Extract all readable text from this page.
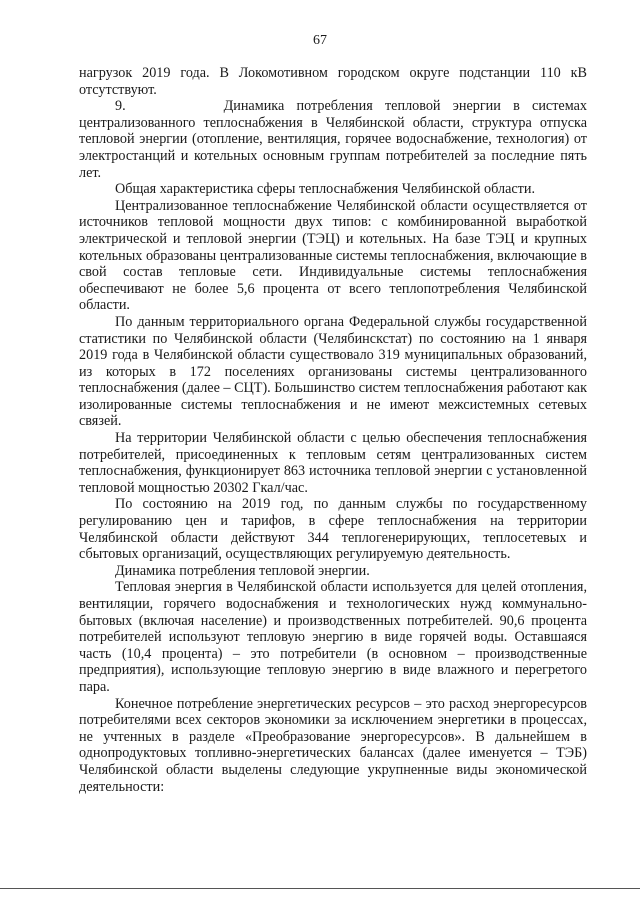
67

нагрузок 2019 года. В Локомотивном городском округе подстанции 110 кВ отсутствуют.

9.        Динамика потребления тепловой энергии в системах централизованного теплоснабжения в Челябинской области, структура отпуска тепловой энергии (отопление, вентиляция, горячее водоснабжение, технология) от электростанций и котельных основным группам потребителей за последние пять лет.

Общая характеристика сферы теплоснабжения Челябинской области.

Централизованное теплоснабжение Челябинской области осуществляется от источников тепловой мощности двух типов: с комбинированной выработкой электрической и тепловой энергии (ТЭЦ) и котельных. На базе ТЭЦ и крупных котельных образованы централизованные системы теплоснабжения, включающие в свой состав тепловые сети. Индивидуальные системы теплоснабжения обеспечивают не более 5,6 процента от всего теплопотребления Челябинской области.

По данным территориального органа Федеральной службы государственной статистики по Челябинской области (Челябинскстат) по состоянию на 1 января 2019 года в Челябинской области существовало 319 муниципальных образований, из которых в 172 поселениях организованы системы централизованного теплоснабжения (далее – СЦТ). Большинство систем теплоснабжения работают как изолированные системы теплоснабжения и не имеют межсистемных сетевых связей.

На территории Челябинской области с целью обеспечения теплоснабжения потребителей, присоединенных к тепловым сетям централизованных систем теплоснабжения, функционирует 863 источника тепловой энергии с установленной тепловой мощностью 20302 Гкал/час.

По состоянию на 2019 год, по данным службы по государственному регулированию цен и тарифов, в сфере теплоснабжения на территории Челябинской области действуют 344 теплогенерирующих, теплосетевых и сбытовых организаций, осуществляющих регулируемую деятельность.

Динамика потребления тепловой энергии.

Тепловая энергия в Челябинской области используется для целей отопления, вентиляции, горячего водоснабжения и технологических нужд коммунально-бытовых (включая население) и производственных потребителей. 90,6 процента потребителей используют тепловую энергию в виде горячей воды. Оставшаяся часть (10,4 процента) – это потребители (в основном – производственные предприятия), использующие тепловую энергию в виде влажного и перегретого пара.

Конечное потребление энергетических ресурсов – это расход энергоресурсов потребителями всех секторов экономики за исключением энергетики в процессах, не учтенных в разделе «Преобразование энергоресурсов». В дальнейшем в однопродуктовых топливно-энергетических балансах (далее именуется – ТЭБ) Челябинской области выделены следующие укрупненные виды экономической деятельности:
